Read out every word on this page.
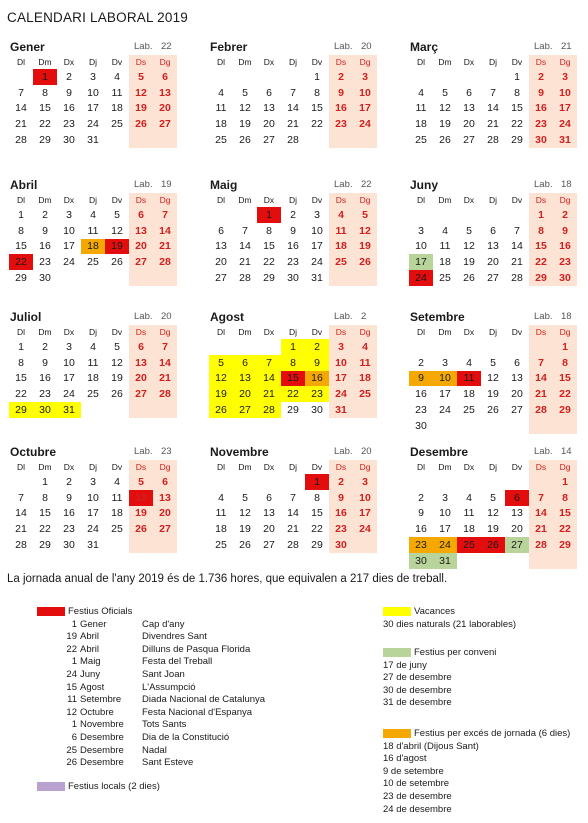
CALENDARI LABORAL 2019
Gener	Lab. 22
Dl	Dm	Dx	Dj	Dv	Ds	Dg
	1	2	3	4	5	6
7	8	9	10	11	12	13
14	15	16	17	18	19	20
21	22	23	24	25	26	27
28	29	30	31			
Febrer	Lab. 20
Dl	Dm	Dx	Dj	Dv	Ds	Dg
				1	2	3
4	5	6	7	8	9	10
11	12	13	14	15	16	17
18	19	20	21	22	23	24
25	26	27	28			
Març	Lab. 21
Dl	Dm	Dx	Dj	Dv	Ds	Dg
				1	2	3
4	5	6	7	8	9	10
11	12	13	14	15	16	17
18	19	20	21	22	23	24
25	26	27	28	29	30	31
Abril	Lab. 19
Dl	Dm	Dx	Dj	Dv	Ds	Dg
1	2	3	4	5	6	7
8	9	10	11	12	13	14
15	16	17	18	19	20	21
22	23	24	25	26	27	28
29	30					
Maig	Lab. 22
Dl	Dm	Dx	Dj	Dv	Ds	Dg
		1	2	3	4	5
6	7	8	9	10	11	12
13	14	15	16	17	18	19
20	21	22	23	24	25	26
27	28	29	30	31		
Juny	Lab. 18
Dl	Dm	Dx	Dj	Dv	Ds	Dg
					1	2
3	4	5	6	7	8	9
10	11	12	13	14	15	16
17	18	19	20	21	22	23
24	25	26	27	28	29	30
Juliol	Lab. 20
Dl	Dm	Dx	Dj	Dv	Ds	Dg
1	2	3	4	5	6	7
8	9	10	11	12	13	14
15	16	17	18	19	20	21
22	23	24	25	26	27	28
29	30	31				
Agost	Lab. 2
Dl	Dm	Dx	Dj	Dv	Ds	Dg
			1	2	3	4
5	6	7	8	9	10	11
12	13	14	15	16	17	18
19	20	21	22	23	24	25
26	27	28	29	30	31	
Setembre	Lab. 18
Dl	Dm	Dx	Dj	Dv	Ds	Dg
						1
2	3	4	5	6	7	8
9	10	11	12	13	14	15
16	17	18	19	20	21	22
23	24	25	26	27	28	29
30						
Octubre	Lab. 23
Dl	Dm	Dx	Dj	Dv	Ds	Dg
	1	2	3	4	5	6
7	8	9	10	11	12	13
14	15	16	17	18	19	20
21	22	23	24	25	26	27
28	29	30	31			
Novembre	Lab. 20
Dl	Dm	Dx	Dj	Dv	Ds	Dg
				1	2	3
4	5	6	7	8	9	10
11	12	13	14	15	16	17
18	19	20	21	22	23	24
25	26	27	28	29	30	
Desembre	Lab. 14
Dl	Dm	Dx	Dj	Dv	Ds	Dg
						1
2	3	4	5	6	7	8
9	10	11	12	13	14	15
16	17	18	19	20	21	22
23	24	25	26	27	28	29
30	31					
La jornada anual de l'any 2019 és de 1.736 hores, que equivalen a 217 dies de treball.
Festius Oficials
1 Gener	Cap d'any
19 Abril	Divendres Sant
22 Abril	Dilluns de Pasqua Florida
1 Maig	Festa del Treball
24 Juny	Sant Joan
15 Agost	L'Assumpció
11 Setembre Diada Nacional de Catalunya
12 Octubre	Festa Nacional d'Espanya
1 Novembre Tots Sants
6 Desembre Dia de la Constitució
25 Desembre Nadal
26 Desembre Sant Esteve
Festius locals (2 dies)
Vacances
30 dies naturals (21 laborables)
Festius per conveni
17 de juny
27 de desembre
30 de desembre
31 de desembre
Festius per excés de jornada (6 dies)
18 d'abril (Dijous Sant)
16 d'agost
9 de setembre
10 de setembre
23 de desembre
24 de desembre
